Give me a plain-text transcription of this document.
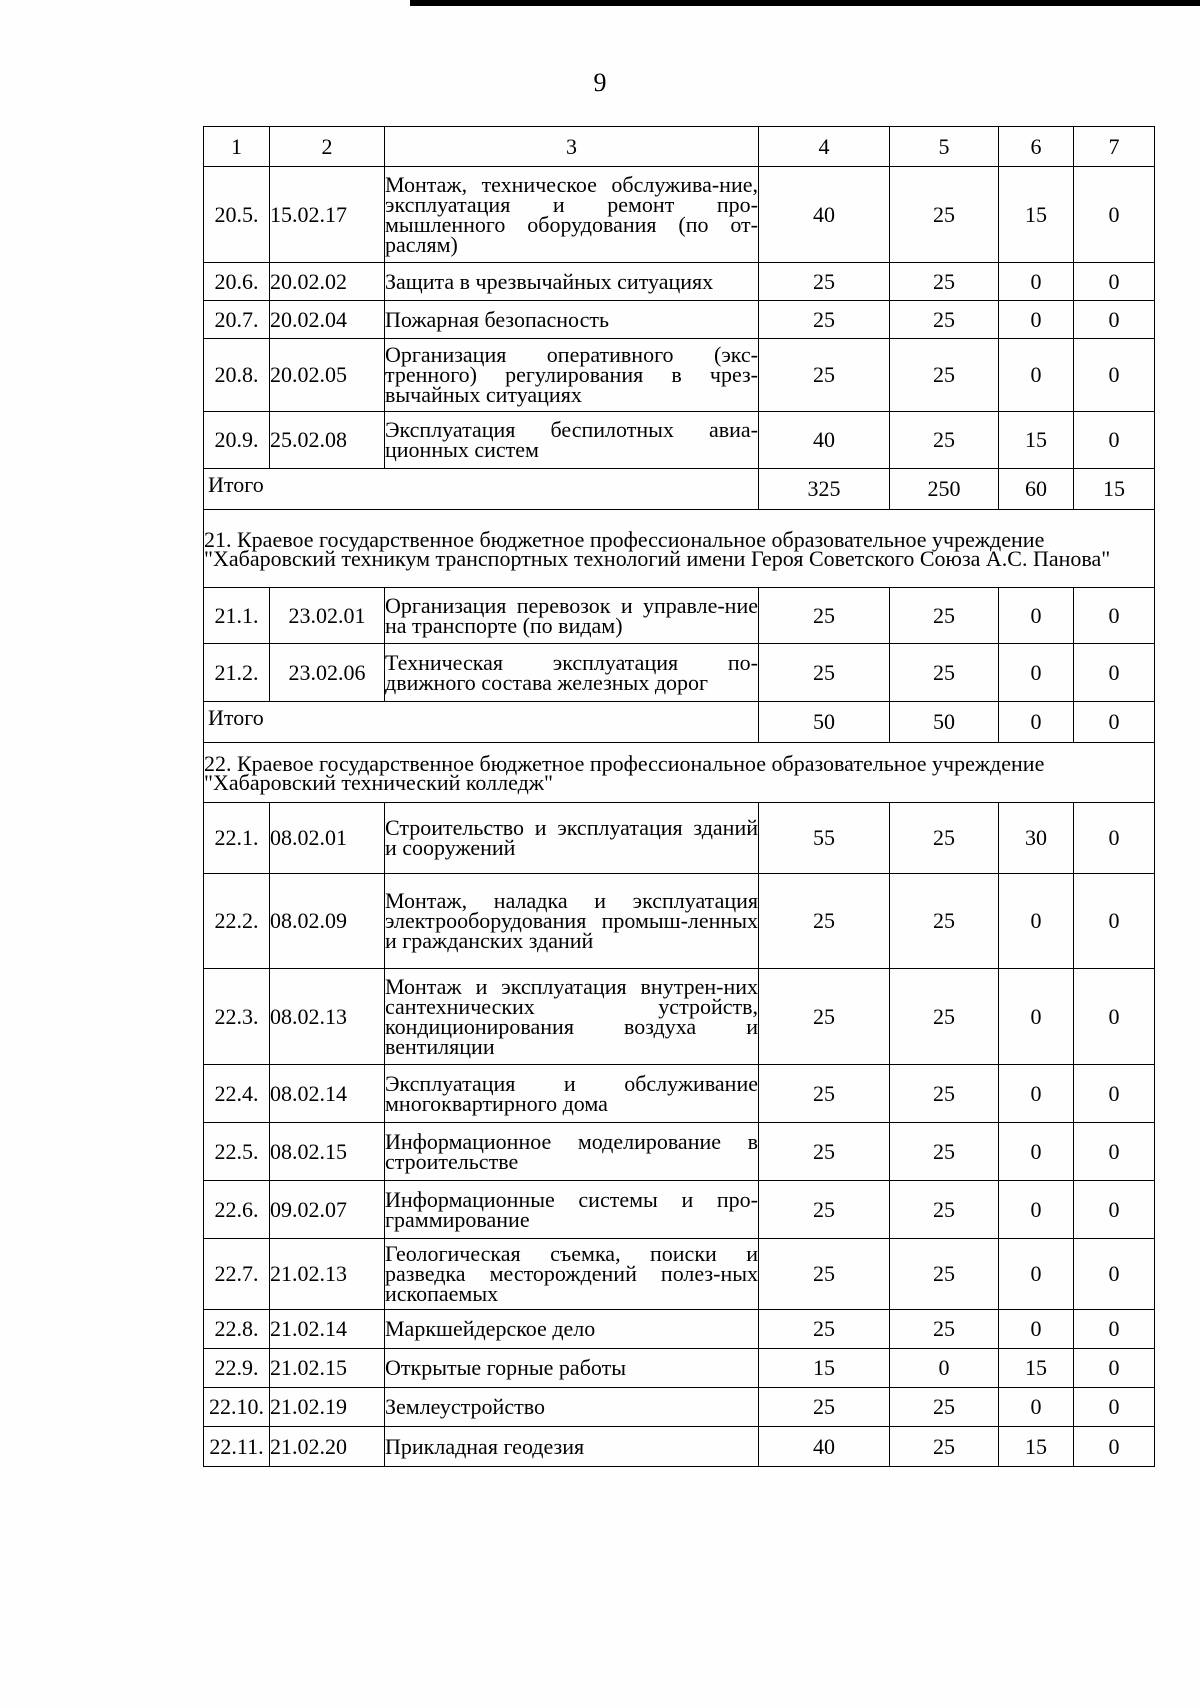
9
1	2	3	4	5	6	7
20.5.	15.02.17	Монтаж, техническое обслужива-ние, эксплуатация и ремонт про-мышленного оборудования (по от-раслям)	40	25	15	0
20.6.	20.02.02	Защита в чрезвычайных ситуациях	25	25	0	0
20.7.	20.02.04	Пожарная безопасность	25	25	0	0
20.8.	20.02.05	Организация оперативного (экс-тренного) регулирования в чрез-вычайных ситуациях	25	25	0	0
20.9.	25.02.08	Эксплуатация беспилотных авиа-ционных систем	40	25	15	0
Итого			325	250	60	15
21. Краевое государственное бюджетное профессиональное образовательное учреждение "Хабаровский техникум транспортных технологий имени Героя Советского Союза А.С. Панова"						
21.1.	23.02.01	Организация перевозок и управле-ние на транспорте (по видам)	25	25	0	0
21.2.	23.02.06	Техническая эксплуатация по-движного состава железных дорог	25	25	0	0
Итого			50	50	0	0
22. Краевое государственное бюджетное профессиональное образовательное учреждение "Хабаровский технический колледж"						
22.1.	08.02.01	Строительство и эксплуатация зданий и сооружений	55	25	30	0
22.2.	08.02.09	Монтаж, наладка и эксплуатация электрооборудования промыш-ленных и гражданских зданий	25	25	0	0
22.3.	08.02.13	Монтаж и эксплуатация внутрен-них сантехнических устройств, кондиционирования воздуха и вентиляции	25	25	0	0
22.4.	08.02.14	Эксплуатация и обслуживание многоквартирного дома	25	25	0	0
22.5.	08.02.15	Информационное моделирование в строительстве	25	25	0	0
22.6.	09.02.07	Информационные системы и про-граммирование	25	25	0	0
22.7.	21.02.13	Геологическая съемка, поиски и разведка месторождений полез-ных ископаемых	25	25	0	0
22.8.	21.02.14	Маркшейдерское дело	25	25	0	0
22.9.	21.02.15	Открытые горные работы	15	0	15	0
22.10.	21.02.19	Землеустройство	25	25	0	0
22.11.	21.02.20	Прикладная геодезия	40	25	15	0
